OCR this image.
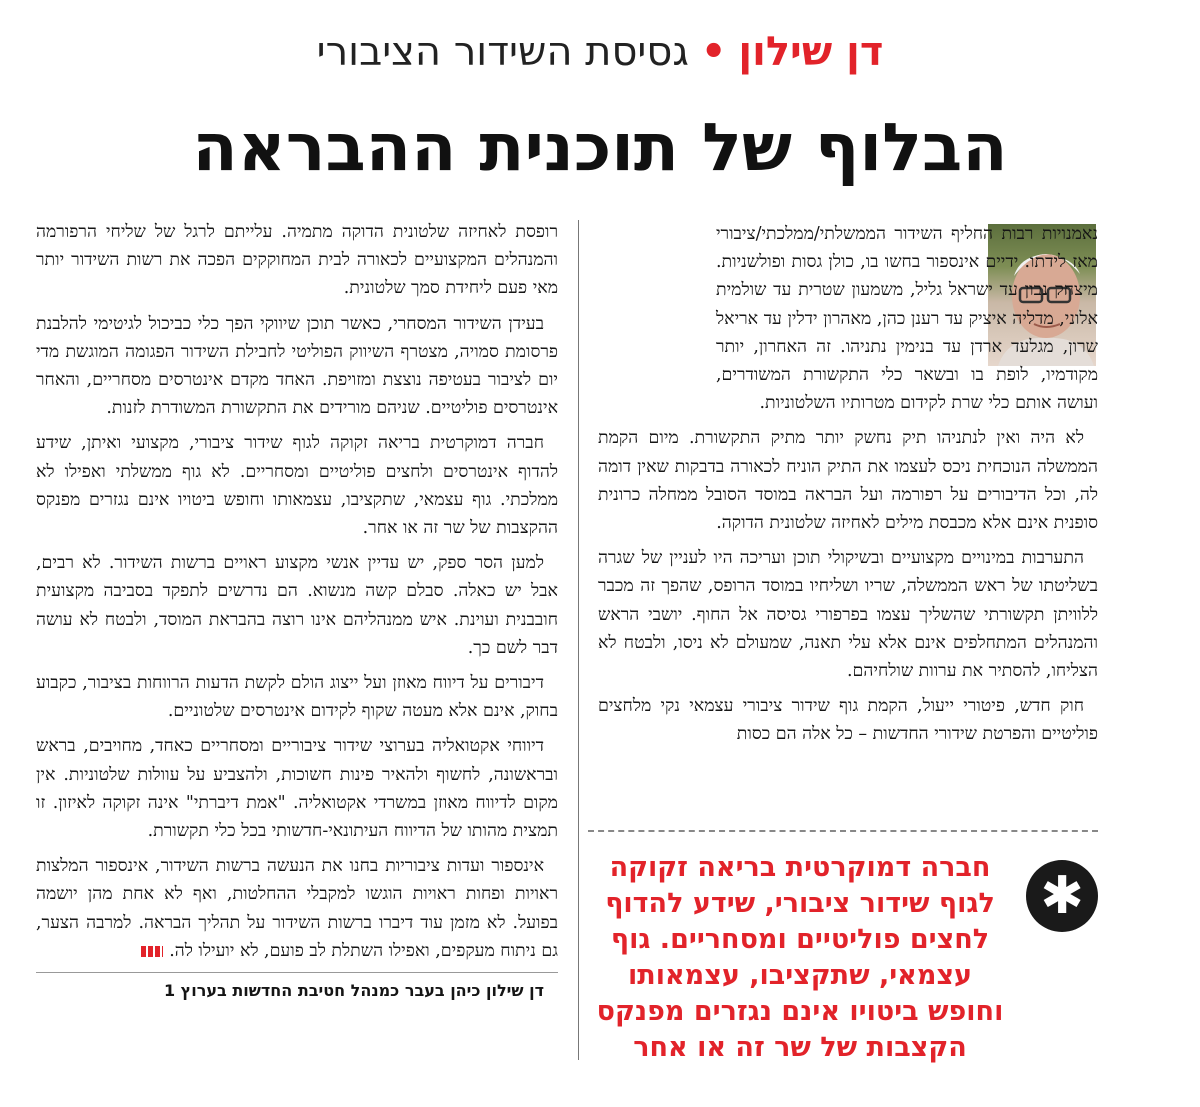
דן שילון•גסיסת השידור הציבורי
הבלוף של תוכנית ההבראה

נאמנויות רבות החליף השידור הממשלתי/ממלכתי/ציבורי מאז לידתו. ידיים אינספור בחשו בו, כולן גסות ופולשניות. מיצחק נבון עד ישראל גליל, משמעון שטרית עד שולמית אלוני, מדליה איציק עד רענן כהן, מאהרון ידלין עד אריאל שרון, מגלעד ארדן עד בנימין נתניהו. זה האחרון, יותר מקודמיו, לופת בו ובשאר כלי התקשורת המשודרים, ועושה אותם כלי שרת לקידום מטרותיו השלטוניות.

לא היה ואין לנתניהו תיק נחשק יותר מתיק התקשורת. מיום הקמת הממשלה הנוכחית ניכס לעצמו את התיק הוניח לכאורה בדבקות שאין דומה לה, וכל הדיבורים על רפורמה ועל הבראה במוסד הסובל ממחלה כרונית סופנית אינם אלא מכבסת מילים לאחיזה שלטונית הדוקה.

התערבות במינויים מקצועיים ובשיקולי תוכן ועריכה היו לעניין של שגרה בשליטתו של ראש הממשלה, שריו ושליחיו במוסד הרופס, שהפך זה מכבר ללוויתן תקשורתי שהשליך עצמו בפרפורי גסיסה אל החוף. יושבי הראש והמנהלים המתחלפים אינם אלא עלי תאנה, שמעולם לא ניסו, ולבטח לא הצליחו, להסתיר את ערוות שולחיהם.

חוק חדש, פיטורי ייעול, הקמת גוף שידור ציבורי עצמאי נקי מלחצים פוליטיים והפרטת שידורי החדשות – כל אלה הם כסות

✱
חברה דמוקרטית בריאה זקוקה לגוף שידור ציבורי, שידע להדוף לחצים פוליטיים ומסחריים. גוף עצמאי, שתקציבו, עצמאותו וחופש ביטויו אינם נגזרים מפנקס הקצבות של שר זה או אחר

רופסת לאחיזה שלטונית הדוקה מתמיה. עלייתם לרגל של שליחי הרפורמה והמנהלים המקצועיים לכאורה לבית המחוקקים הפכה את רשות השידור יותר מאי פעם ליחידת סמך שלטונית.

בעידן השידור המסחרי, כאשר תוכן שיווקי הפך כלי כביכול לגיטימי להלבנת פרסומת סמויה, מצטרף השיווק הפוליטי לחבילת השידור הפגומה המוגשת מדי יום לציבור בעטיפה נוצצת ומזויפת. האחד מקדם אינטרסים מסחריים, והאחר אינטרסים פוליטיים. שניהם מורידים את התקשורת המשודרת לזנות.

חברה דמוקרטית בריאה זקוקה לגוף שידור ציבורי, מקצועי ואיתן, שידע להדוף אינטרסים ולחצים פוליטיים ומסחריים. לא גוף ממשלתי ואפילו לא ממלכתי. גוף עצמאי, שתקציבו, עצמאותו וחופש ביטויו אינם נגזרים מפנקס ההקצבות של שר זה או אחר.

למען הסר ספק, יש עדיין אנשי מקצוע ראויים ברשות השידור. לא רבים, אבל יש כאלה. סבלם קשה מנשוא. הם נדרשים לתפקד בסביבה מקצועית חובבנית ועוינת. איש ממנהליהם אינו רוצה בהבראת המוסד, ולבטח לא עושה דבר לשם כך.

דיבורים על דיווח מאוזן ועל ייצוג הולם לקשת הדעות הרווחות בציבור, כקבוע בחוק, אינם אלא מעטה שקוף לקידום אינטרסים שלטוניים.

דיווחי אקטואליה בערוצי שידור ציבוריים ומסחריים כאחד, מחויבים, בראש ובראשונה, לחשוף ולהאיר פינות חשוכות, ולהצביע על עוולות שלטוניות. אין מקום לדיווח מאוזן במשרדי אקטואליה. "אמת דיברתי" אינה זקוקה לאיזון. זו תמצית מהותו של הדיווח העיתונאי-חדשותי בכל כלי תקשורת.

אינספור ועדות ציבוריות בחנו את הנעשה ברשות השידור, אינספור המלצות ראויות ופחות ראויות הוגשו למקבלי ההחלטות, ואף לא אחת מהן יושמה בפועל. לא מזמן עוד דיברו ברשות השידור על תהליך הבראה. למרבה הצער, גם ניתוח מעקפים, ואפילו השתלת לב פועם, לא יועילו לה.

דן שילון כיהן בעבר כמנהל חטיבת החדשות בערוץ 1
